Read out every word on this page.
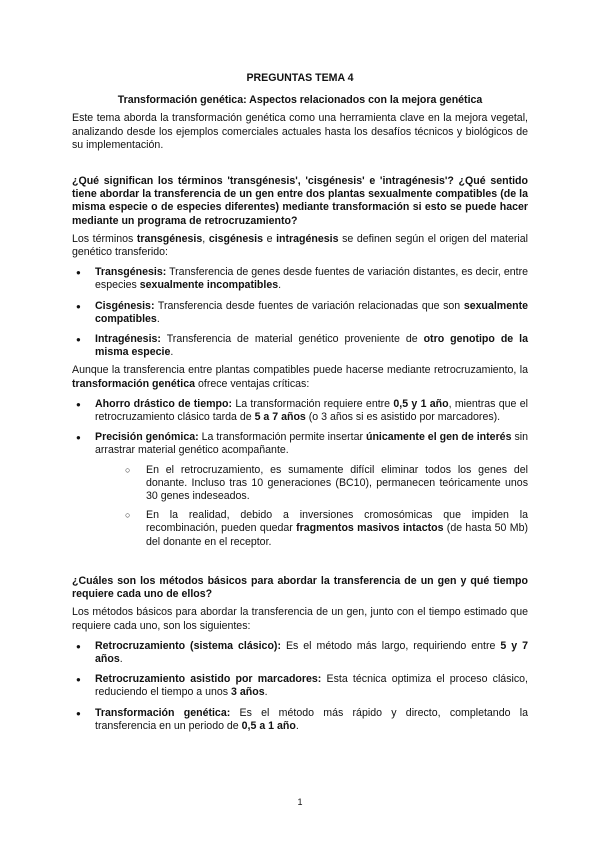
PREGUNTAS TEMA 4
Transformación genética: Aspectos relacionados con la mejora genética

Este tema aborda la transformación genética como una herramienta clave en la mejora vegetal, analizando desde los ejemplos comerciales actuales hasta los desafíos técnicos y biológicos de su implementación.

¿Qué significan los términos 'transgénesis', 'cisgénesis' e 'intragénesis'? ¿Qué sentido tiene abordar la transferencia de un gen entre dos plantas sexualmente compatibles (de la misma especie o de especies diferentes) mediante transformación si esto se puede hacer mediante un programa de retrocruzamiento?

Los términos transgénesis, cisgénesis e intragénesis se definen según el origen del material genético transferido:

● Transgénesis: Transferencia de genes desde fuentes de variación distantes, es decir, entre especies sexualmente incompatibles.
● Cisgénesis: Transferencia desde fuentes de variación relacionadas que son sexualmente compatibles.
● Intragénesis: Transferencia de material genético proveniente de otro genotipo de la misma especie.

Aunque la transferencia entre plantas compatibles puede hacerse mediante retrocruzamiento, la transformación genética ofrece ventajas críticas:

● Ahorro drástico de tiempo: La transformación requiere entre 0,5 y 1 año, mientras que el retrocruzamiento clásico tarda de 5 a 7 años (o 3 años si es asistido por marcadores).
● Precisión genómica: La transformación permite insertar únicamente el gen de interés sin arrastrar material genético acompañante.
○ En el retrocruzamiento, es sumamente difícil eliminar todos los genes del donante. Incluso tras 10 generaciones (BC10), permanecen teóricamente unos 30 genes indeseados.
○ En la realidad, debido a inversiones cromosómicas que impiden la recombinación, pueden quedar fragmentos masivos intactos (de hasta 50 Mb) del donante en el receptor.
¿Cuáles son los métodos básicos para abordar la transferencia de un gen y qué tiempo requiere cada uno de ellos?

Los métodos básicos para abordar la transferencia de un gen, junto con el tiempo estimado que requiere cada uno, son los siguientes:

● Retrocruzamiento (sistema clásico): Es el método más largo, requiriendo entre 5 y 7 años.
● Retrocruzamiento asistido por marcadores: Esta técnica optimiza el proceso clásico, reduciendo el tiempo a unos 3 años.
● Transformación genética: Es el método más rápido y directo, completando la transferencia en un periodo de 0,5 a 1 año.
1
